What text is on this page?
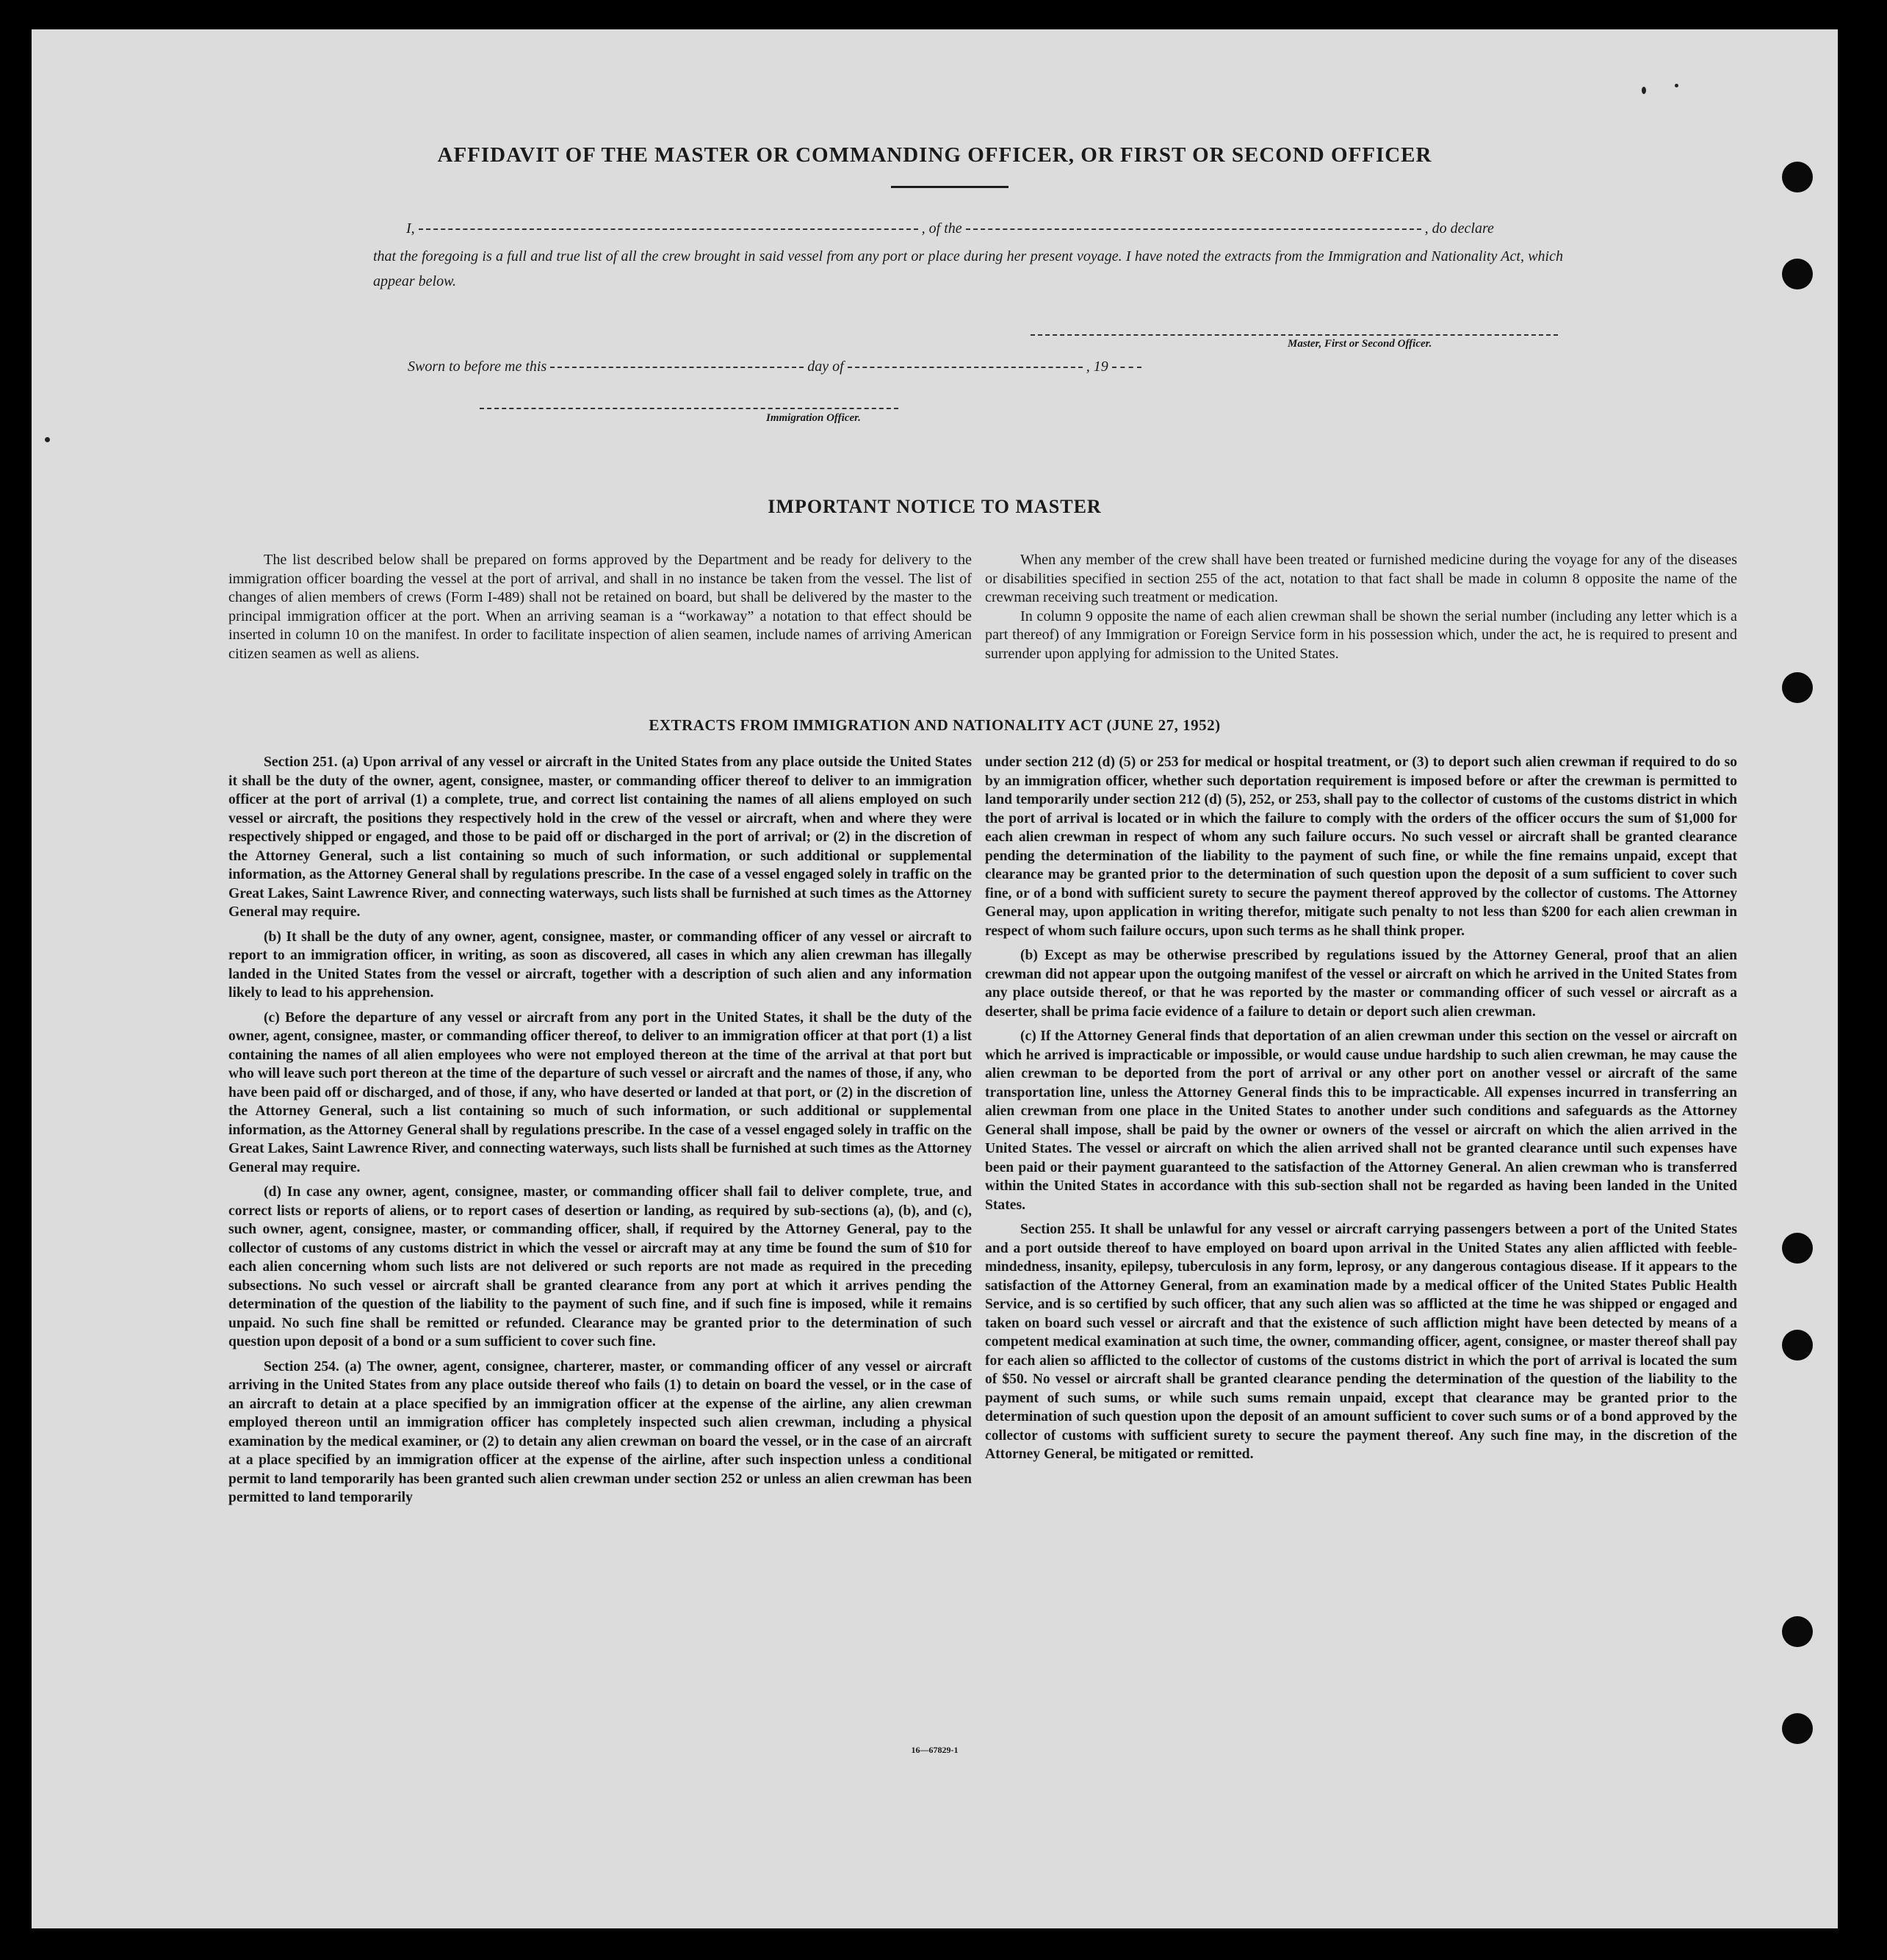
AFFIDAVIT OF THE MASTER OR COMMANDING OFFICER, OR FIRST OR SECOND OFFICER
I,	, of the	, do declare
that the foregoing is a full and true list of all the crew brought in said vessel from any port or place during her present voyage. I have noted the extracts from the Immigration and Nationality Act, which appear below.
Master, First or Second Officer.
Sworn to before me this	day of	, 19
Immigration Officer.
IMPORTANT NOTICE TO MASTER

The list described below shall be prepared on forms approved by the Department and be ready for delivery to the immigration officer boarding the vessel at the port of arrival, and shall in no instance be taken from the vessel. The list of changes of alien members of crews (Form I-489) shall not be retained on board, but shall be delivered by the master to the principal immigration officer at the port. When an arriving seaman is a “workaway” a notation to that effect should be inserted in column 10 on the manifest. In order to facilitate inspection of alien seamen, include names of arriving American citizen seamen as well as aliens.

When any member of the crew shall have been treated or furnished medicine during the voyage for any of the diseases or disabilities specified in section 255 of the act, notation to that fact shall be made in column 8 opposite the name of the crewman receiving such treatment or medication.

In column 9 opposite the name of each alien crewman shall be shown the serial number (including any letter which is a part thereof) of any Immigration or Foreign Service form in his possession which, under the act, he is required to present and surrender upon applying for admission to the United States.

EXTRACTS FROM IMMIGRATION AND NATIONALITY ACT (JUNE 27, 1952)

Section 251. (a) Upon arrival of any vessel or aircraft in the United States from any place outside the United States it shall be the duty of the owner, agent, consignee, master, or commanding officer thereof to deliver to an immigration officer at the port of arrival (1) a complete, true, and correct list containing the names of all aliens employed on such vessel or aircraft, the positions they respectively hold in the crew of the vessel or aircraft, when and where they were respectively shipped or engaged, and those to be paid off or discharged in the port of arrival; or (2) in the discretion of the Attorney General, such a list containing so much of such information, or such additional or supplemental information, as the Attorney General shall by regulations prescribe. In the case of a vessel engaged solely in traffic on the Great Lakes, Saint Lawrence River, and connecting waterways, such lists shall be furnished at such times as the Attorney General may require.

(b) It shall be the duty of any owner, agent, consignee, master, or commanding officer of any vessel or aircraft to report to an immigration officer, in writing, as soon as discovered, all cases in which any alien crewman has illegally landed in the United States from the vessel or aircraft, together with a description of such alien and any information likely to lead to his apprehension.

(c) Before the departure of any vessel or aircraft from any port in the United States, it shall be the duty of the owner, agent, consignee, master, or commanding officer thereof, to deliver to an immigration officer at that port (1) a list containing the names of all alien employees who were not employed thereon at the time of the arrival at that port but who will leave such port thereon at the time of the departure of such vessel or aircraft and the names of those, if any, who have been paid off or discharged, and of those, if any, who have deserted or landed at that port, or (2) in the discretion of the Attorney General, such a list containing so much of such information, or such additional or supplemental information, as the Attorney General shall by regulations prescribe. In the case of a vessel engaged solely in traffic on the Great Lakes, Saint Lawrence River, and connecting waterways, such lists shall be furnished at such times as the Attorney General may require.

(d) In case any owner, agent, consignee, master, or commanding officer shall fail to deliver complete, true, and correct lists or reports of aliens, or to report cases of desertion or landing, as required by sub-sections (a), (b), and (c), such owner, agent, consignee, master, or commanding officer, shall, if required by the Attorney General, pay to the collector of customs of any customs district in which the vessel or aircraft may at any time be found the sum of $10 for each alien concerning whom such lists are not delivered or such reports are not made as required in the preceding subsections. No such vessel or aircraft shall be granted clearance from any port at which it arrives pending the determination of the question of the liability to the payment of such fine, and if such fine is imposed, while it remains unpaid. No such fine shall be remitted or refunded. Clearance may be granted prior to the determination of such question upon deposit of a bond or a sum sufficient to cover such fine.

Section 254. (a) The owner, agent, consignee, charterer, master, or commanding officer of any vessel or aircraft arriving in the United States from any place outside thereof who fails (1) to detain on board the vessel, or in the case of an aircraft to detain at a place specified by an immigration officer at the expense of the airline, any alien crewman employed thereon until an immigration officer has completely inspected such alien crewman, including a physical examination by the medical examiner, or (2) to detain any alien crewman on board the vessel, or in the case of an aircraft at a place specified by an immigration officer at the expense of the airline, after such inspection unless a conditional permit to land temporarily has been granted such alien crewman under section 252 or unless an alien crewman has been permitted to land temporarily

under section 212 (d) (5) or 253 for medical or hospital treatment, or (3) to deport such alien crewman if required to do so by an immigration officer, whether such deportation requirement is imposed before or after the crewman is permitted to land temporarily under section 212 (d) (5), 252, or 253, shall pay to the collector of customs of the customs district in which the port of arrival is located or in which the failure to comply with the orders of the officer occurs the sum of $1,000 for each alien crewman in respect of whom any such failure occurs. No such vessel or aircraft shall be granted clearance pending the determination of the liability to the payment of such fine, or while the fine remains unpaid, except that clearance may be granted prior to the determination of such question upon the deposit of a sum sufficient to cover such fine, or of a bond with sufficient surety to secure the payment thereof approved by the collector of customs. The Attorney General may, upon application in writing therefor, mitigate such penalty to not less than $200 for each alien crewman in respect of whom such failure occurs, upon such terms as he shall think proper.

(b) Except as may be otherwise prescribed by regulations issued by the Attorney General, proof that an alien crewman did not appear upon the outgoing manifest of the vessel or aircraft on which he arrived in the United States from any place outside thereof, or that he was reported by the master or commanding officer of such vessel or aircraft as a deserter, shall be prima facie evidence of a failure to detain or deport such alien crewman.

(c) If the Attorney General finds that deportation of an alien crewman under this section on the vessel or aircraft on which he arrived is impracticable or impossible, or would cause undue hardship to such alien crewman, he may cause the alien crewman to be deported from the port of arrival or any other port on another vessel or aircraft of the same transportation line, unless the Attorney General finds this to be impracticable. All expenses incurred in transferring an alien crewman from one place in the United States to another under such conditions and safeguards as the Attorney General shall impose, shall be paid by the owner or owners of the vessel or aircraft on which the alien arrived in the United States. The vessel or aircraft on which the alien arrived shall not be granted clearance until such expenses have been paid or their payment guaranteed to the satisfaction of the Attorney General. An alien crewman who is transferred within the United States in accordance with this sub-section shall not be regarded as having been landed in the United States.

Section 255. It shall be unlawful for any vessel or aircraft carrying passengers between a port of the United States and a port outside thereof to have employed on board upon arrival in the United States any alien afflicted with feeble-mindedness, insanity, epilepsy, tuberculosis in any form, leprosy, or any dangerous contagious disease. If it appears to the satisfaction of the Attorney General, from an examination made by a medical officer of the United States Public Health Service, and is so certified by such officer, that any such alien was so afflicted at the time he was shipped or engaged and taken on board such vessel or aircraft and that the existence of such affliction might have been detected by means of a competent medical examination at such time, the owner, commanding officer, agent, consignee, or master thereof shall pay for each alien so afflicted to the collector of customs of the customs district in which the port of arrival is located the sum of $50. No vessel or aircraft shall be granted clearance pending the determination of the question of the liability to the payment of such sums, or while such sums remain unpaid, except that clearance may be granted prior to the determination of such question upon the deposit of an amount sufficient to cover such sums or of a bond approved by the collector of customs with sufficient surety to secure the payment thereof. Any such fine may, in the discretion of the Attorney General, be mitigated or remitted.

16—67829-1
